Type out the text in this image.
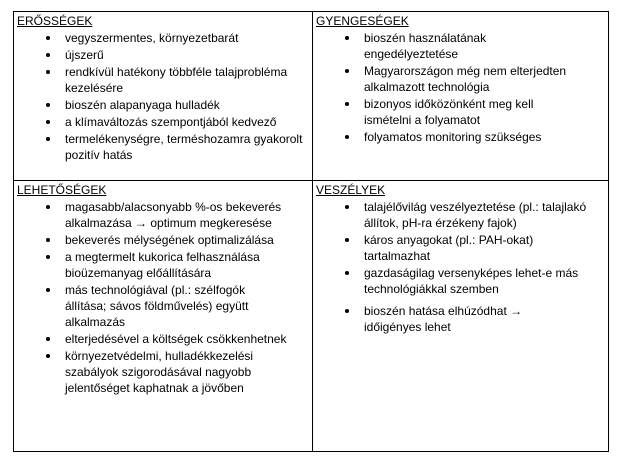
ERŐSSÉGEK
vegyszermentes, környezetbarát
újszerű
rendkívül hatékony többféle talajprobléma kezelésére
bioszén alapanyaga hulladék
a klímaváltozás szempontjából kedvező
termelékenységre, terméshozamra gyakorolt pozitív hatás
GYENGESÉGEK
bioszén használatának engedélyeztetése
Magyarországon még nem elterjedten alkalmazott technológia
bizonyos időközönként meg kell ismételni a folyamatot
folyamatos monitoring szükséges
LEHETŐSÉGEK
magasabb/alacsonyabb %-os bekeverés alkalmazása → optimum megkeresése
bekeverés mélységének optimalizálása
a megtermelt kukorica felhasználása bioüzemanyag előállítására
más technológiával (pl.: szélfogók állítása; sávos földművelés) együtt alkalmazás
elterjedésével a költségek csökkenhetnek
környezetvédelmi, hulladékkezelési szabályok szigorodásával nagyobb jelentőséget kaphatnak a jövőben
VESZÉLYEK
talajélővilág veszélyeztetése (pl.: talajlakó állítok, pH-ra érzékeny fajok)
káros anyagokat (pl.: PAH-okat) tartalmazhat
gazdaságilag versenyképes lehet-e más technológiákkal szemben
bioszén hatása elhúzódhat → időigényes lehet
